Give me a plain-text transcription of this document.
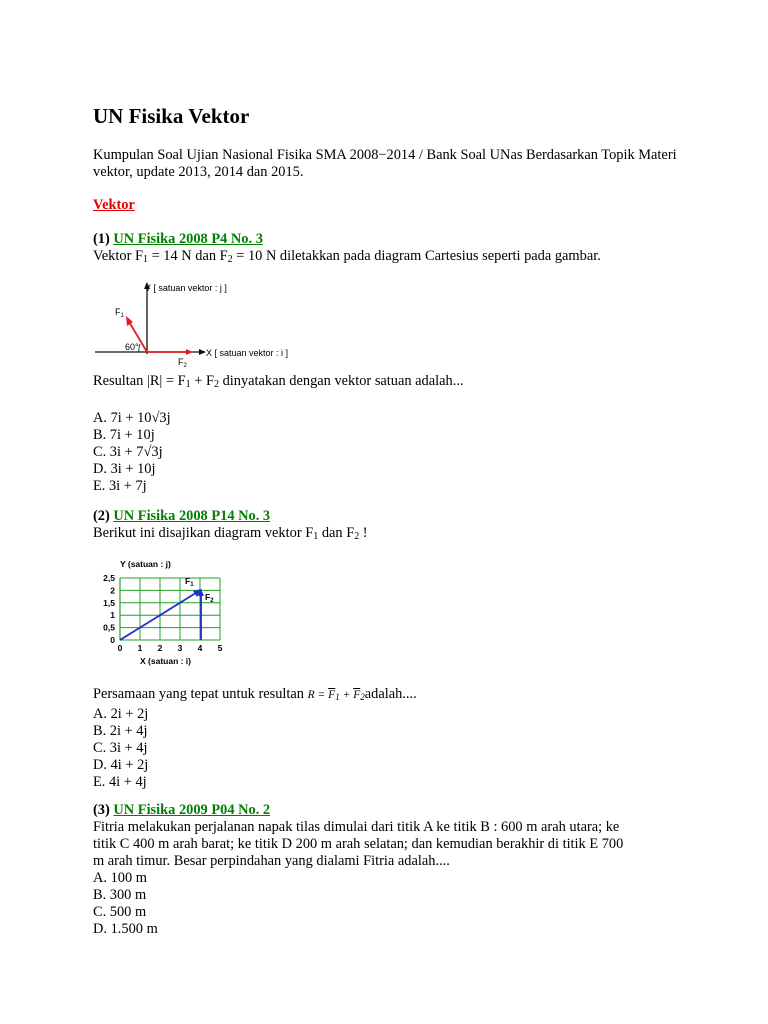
UN Fisika Vektor
Kumpulan Soal Ujian Nasional Fisika SMA 2008−2014 / Bank Soal UNas Berdasarkan Topik Materi vektor, update 2013, 2014 dan 2015.
Vektor
(1) UN Fisika 2008 P4 No. 3
Vektor $F_1 = 14$ N dan $F_2 = 10$ N diletakkan pada diagram Cartesius seperti pada gambar.
60°
Y [ satuan vektor : j ]
X [ satuan vektor : i ]
$F_1$
$F_2$
Resultan $|R| = F_1 + F_2$ dinyatakan dengan vektor satuan adalah...
A. 7i + 10√3j
B. 7i + 10j
C. 3i + 7√3j
D. 3i + 10j
E. 3i + 7j
(2) UN Fisika 2008 P14 No. 3
Berikut ini disajikan diagram vektor $F_1$ dan $F_2$ !
Y (satuan : j)
X (satuan : i)
2,5
2
1,5
1
0,5
0
0 1 2 3 4 5
$F_1$
$F_2$
Persamaan yang tepat untuk resultan $R = \overline{F}1$ + $\overline{F}2adalah$....
A. 2i + 2j
B. 2i + 4j
C. 3i + 4j
D. 4i + 2j
E. 4i + 4j
(3) UN Fisika 2009 P04 No. 2
Fitria melakukan perjalanan napak tilas dimulai dari titik A ke titik B : 600 m arah utara; ke
titik C 400 m arah barat; ke titik D 200 m arah selatan; dan kemudian berakhir di titik E 700
m arah timur. Besar perpindahan yang dialami Fitria adalah....
A. 100 m
B. 300 m
C. 500 m
D. 1.500 m
